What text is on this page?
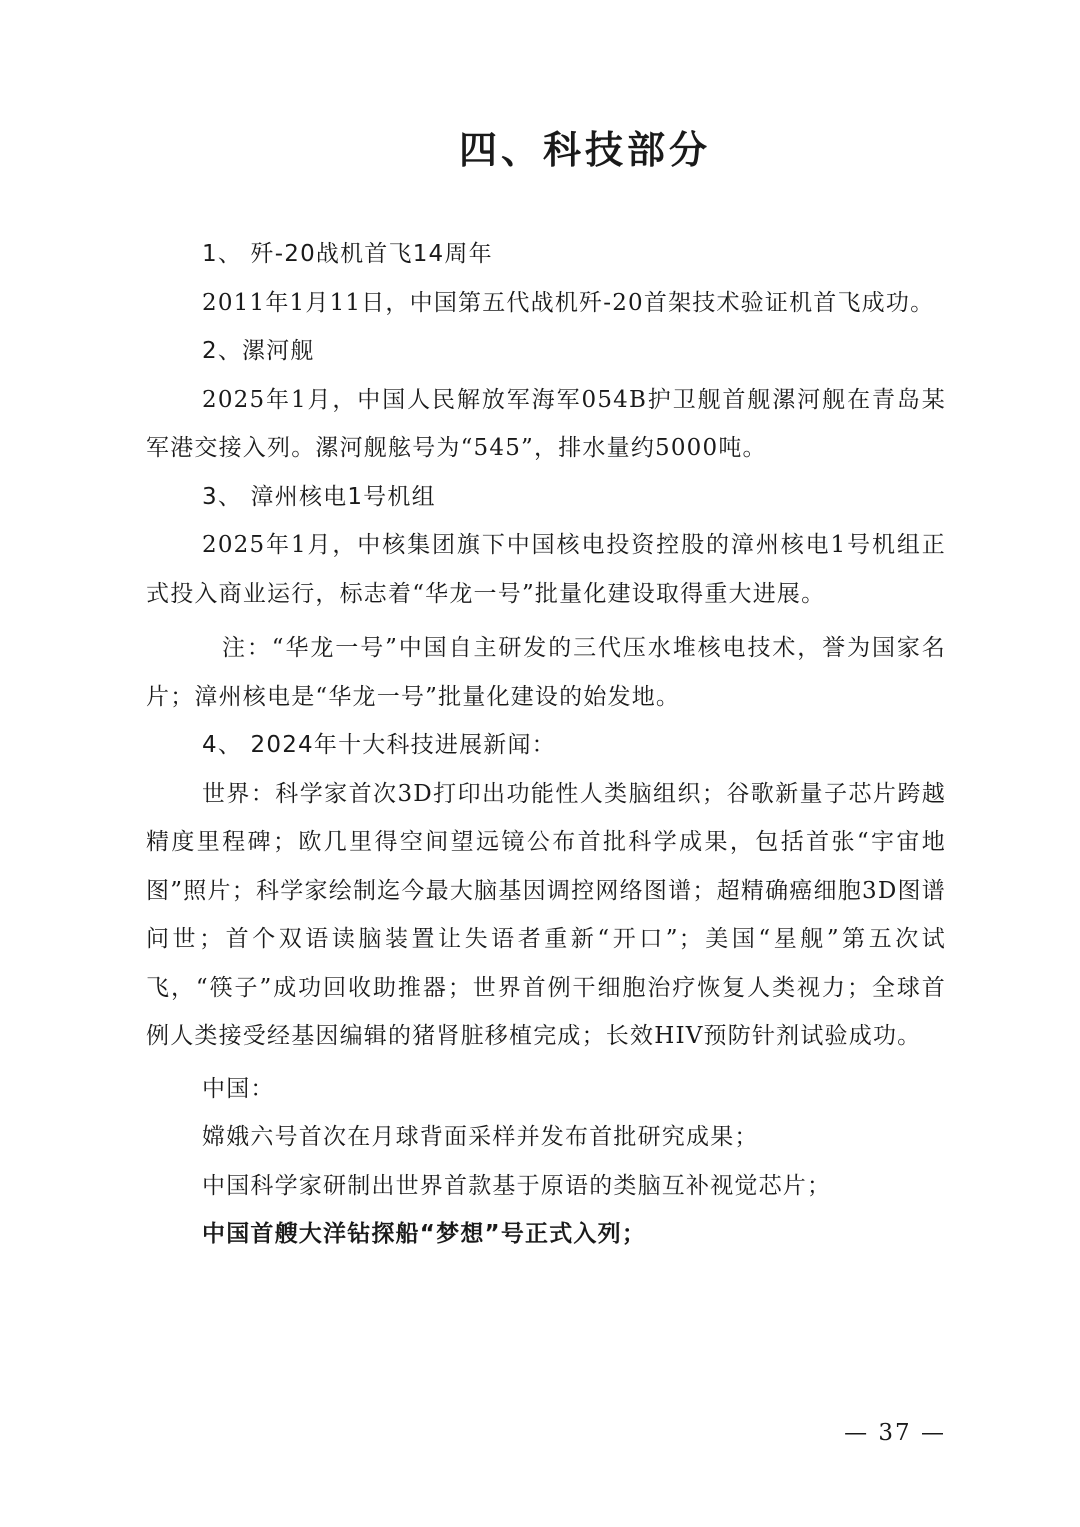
四、科技部分

1、 歼-20战机首飞14周年

2011年1月11日，中国第五代战机歼-20首架技术验证机首飞成功。

2、漯河舰

2025年1月，中国人民解放军海军054B护卫舰首舰漯河舰在青岛某军港交接入列。漯河舰舷号为“545”，排水量约5000吨。

3、 漳州核电1号机组

2025年1月，中核集团旗下中国核电投资控股的漳州核电1号机组正式投入商业运行，标志着“华龙一号”批量化建设取得重大进展。

注：“华龙一号”中国自主研发的三代压水堆核电技术，誉为国家名片；漳州核电是“华龙一号”批量化建设的始发地。

4、 2024年十大科技进展新闻：

世界：科学家首次3D打印出功能性人类脑组织；谷歌新量子芯片跨越精度里程碑；欧几里得空间望远镜公布首批科学成果，包括首张“宇宙地图”照片；科学家绘制迄今最大脑基因调控网络图谱；超精确癌细胞3D图谱问世；首个双语读脑装置让失语者重新“开口”；美国“星舰”第五次试飞，“筷子”成功回收助推器；世界首例干细胞治疗恢复人类视力；全球首例人类接受经基因编辑的猪肾脏移植完成；长效HIV预防针剂试验成功。

中国：

嫦娥六号首次在月球背面采样并发布首批研究成果；

中国科学家研制出世界首款基于原语的类脑互补视觉芯片；

中国首艘大洋钻探船“梦想”号正式入列；

— 37 —
